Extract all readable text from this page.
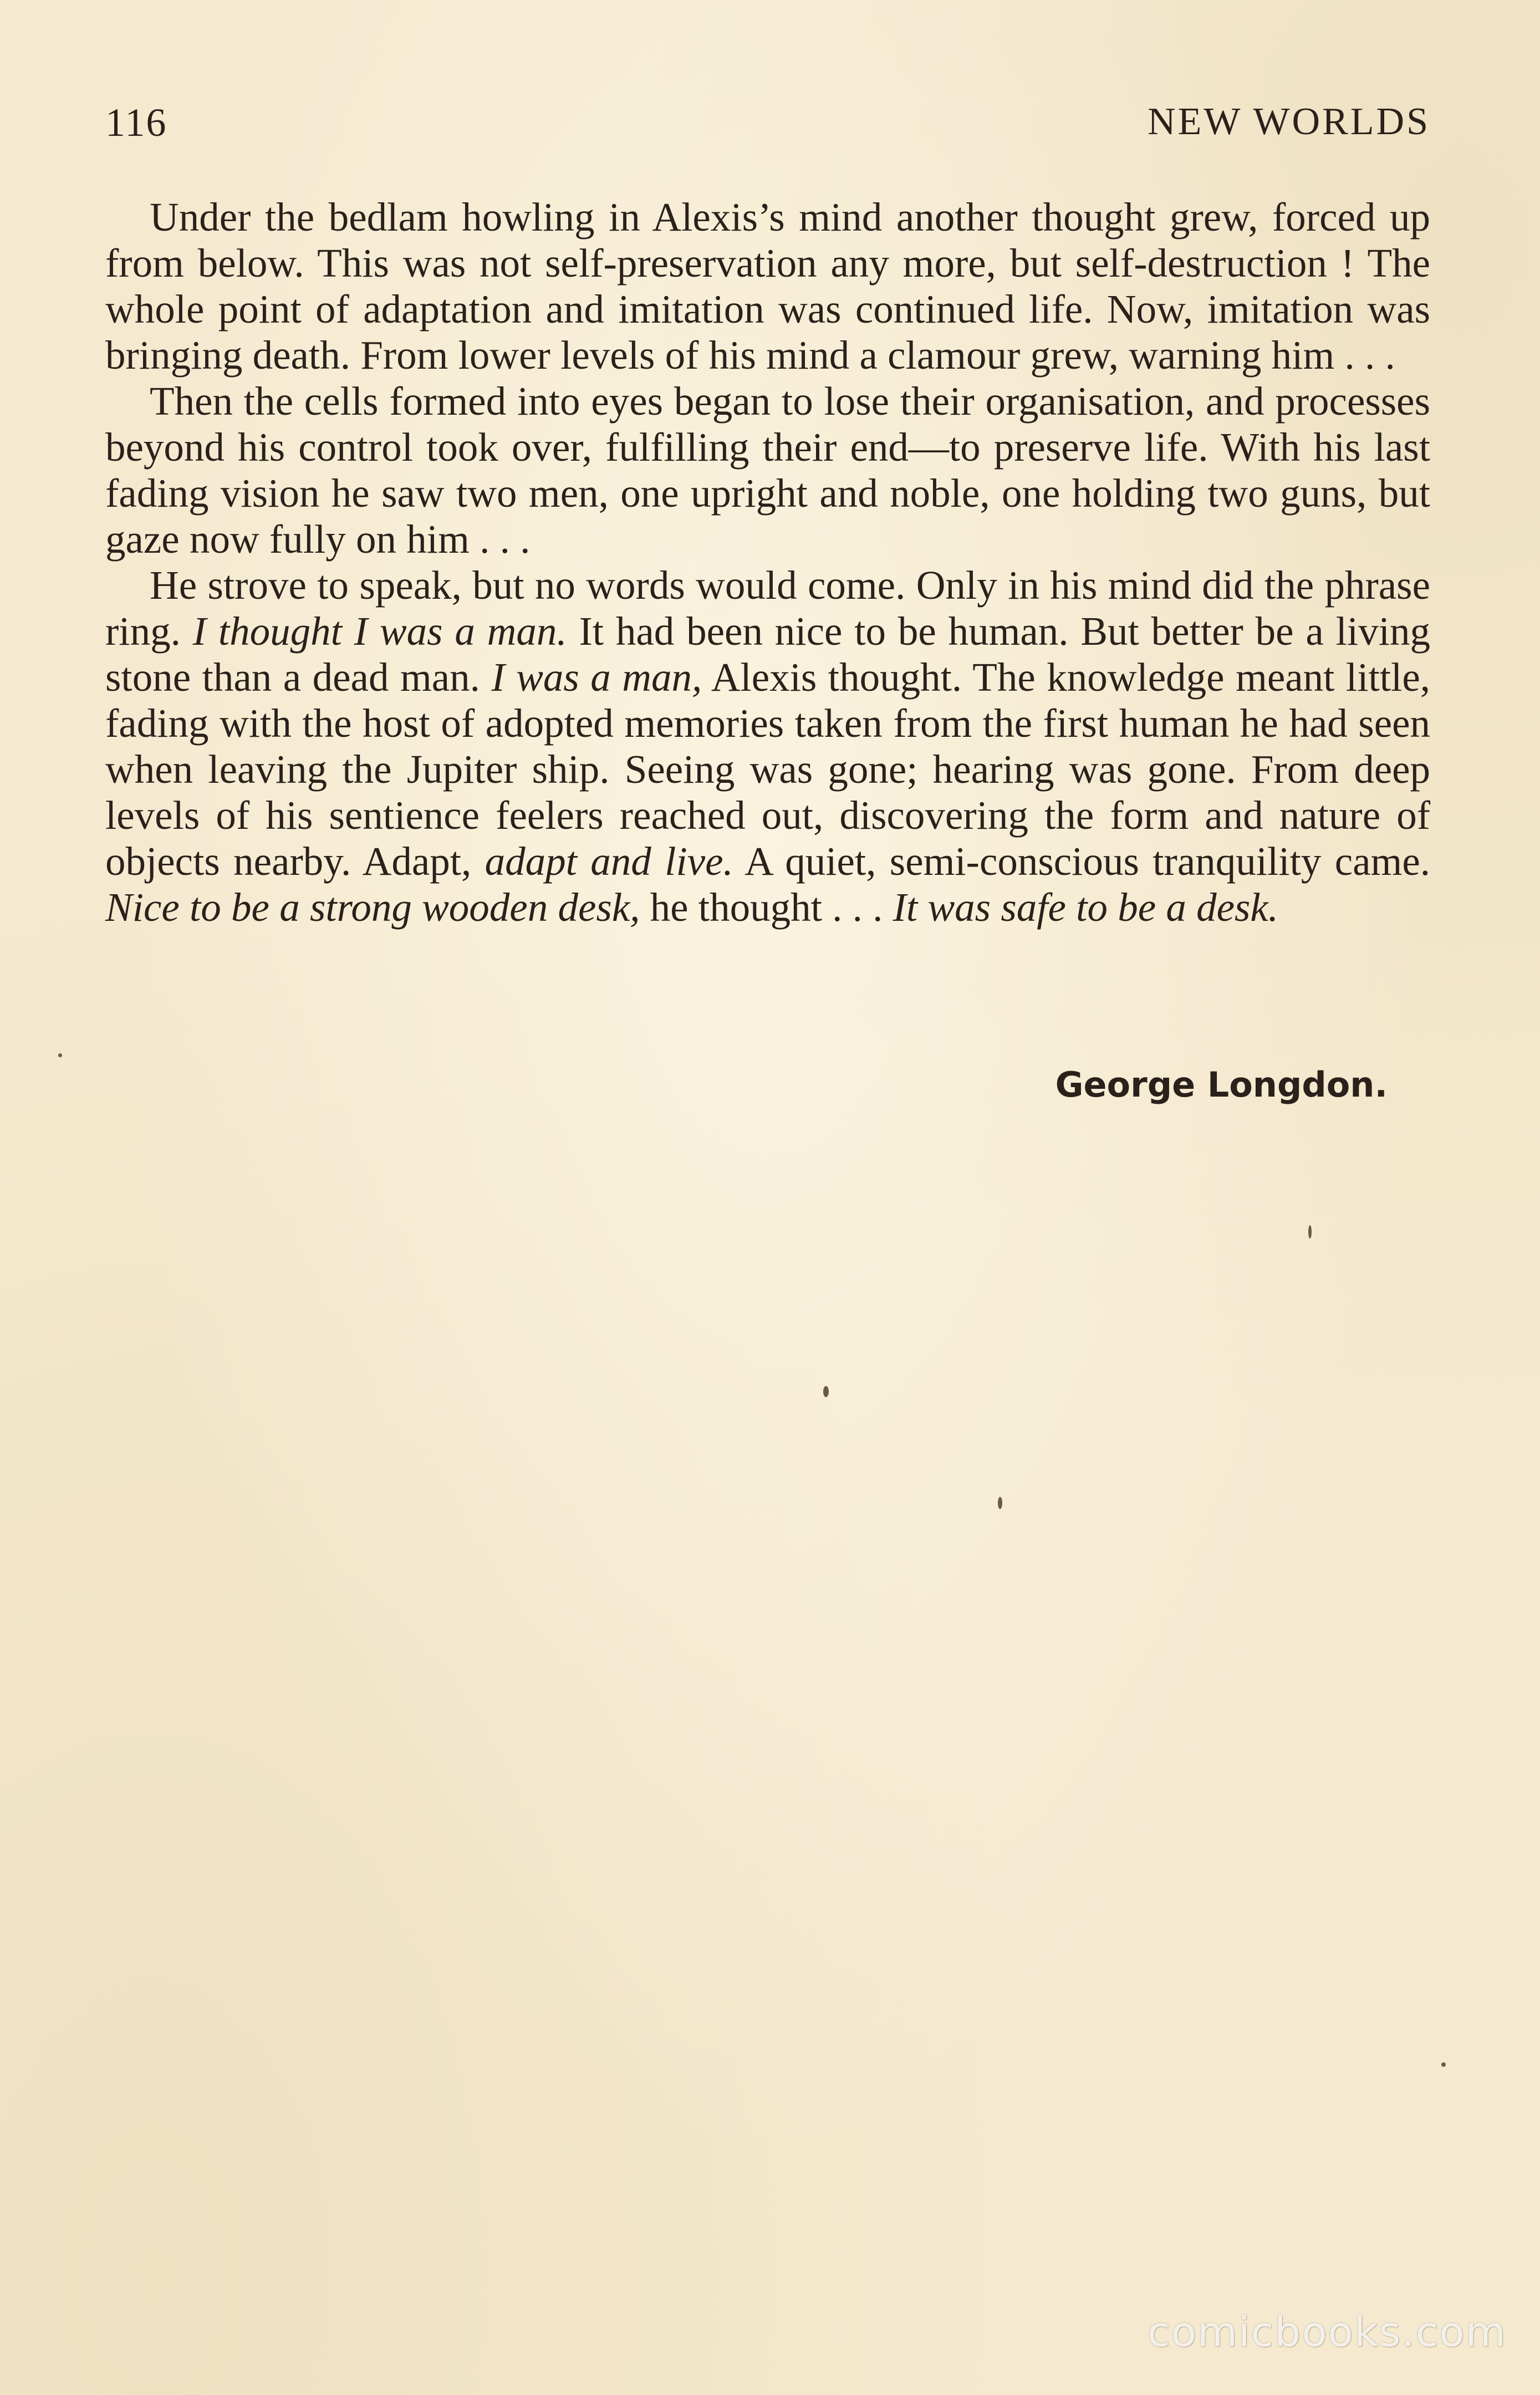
116	NEW WORLDS

Under the bedlam howling in Alexis’s mind another thought grew, forced up from below. This was not self-preservation any more, but self-destruction ! The whole point of adaptation and imitation was continued life. Now, imitation was bringing death. From lower levels of his mind a clamour grew, warning him . . .

Then the cells formed into eyes began to lose their organisation, and processes beyond his control took over, fulfilling their end—to preserve life. With his last fading vision he saw two men, one upright and noble, one holding two guns, but gaze now fully on him . . .

He strove to speak, but no words would come. Only in his mind did the phrase ring. I thought I was a man. It had been nice to be human. But better be a living stone than a dead man. I was a man, Alexis thought. The knowledge meant little, fading with the host of adopted memories taken from the first human he had seen when leaving the Jupiter ship. Seeing was gone; hearing was gone. From deep levels of his sentience feelers reached out, discovering the form and nature of objects nearby. Adapt, adapt and live. A quiet, semi-conscious tranquility came. Nice to be a strong wooden desk, he thought . . . It was safe to be a desk.

George Longdon.
comicbooks.com
